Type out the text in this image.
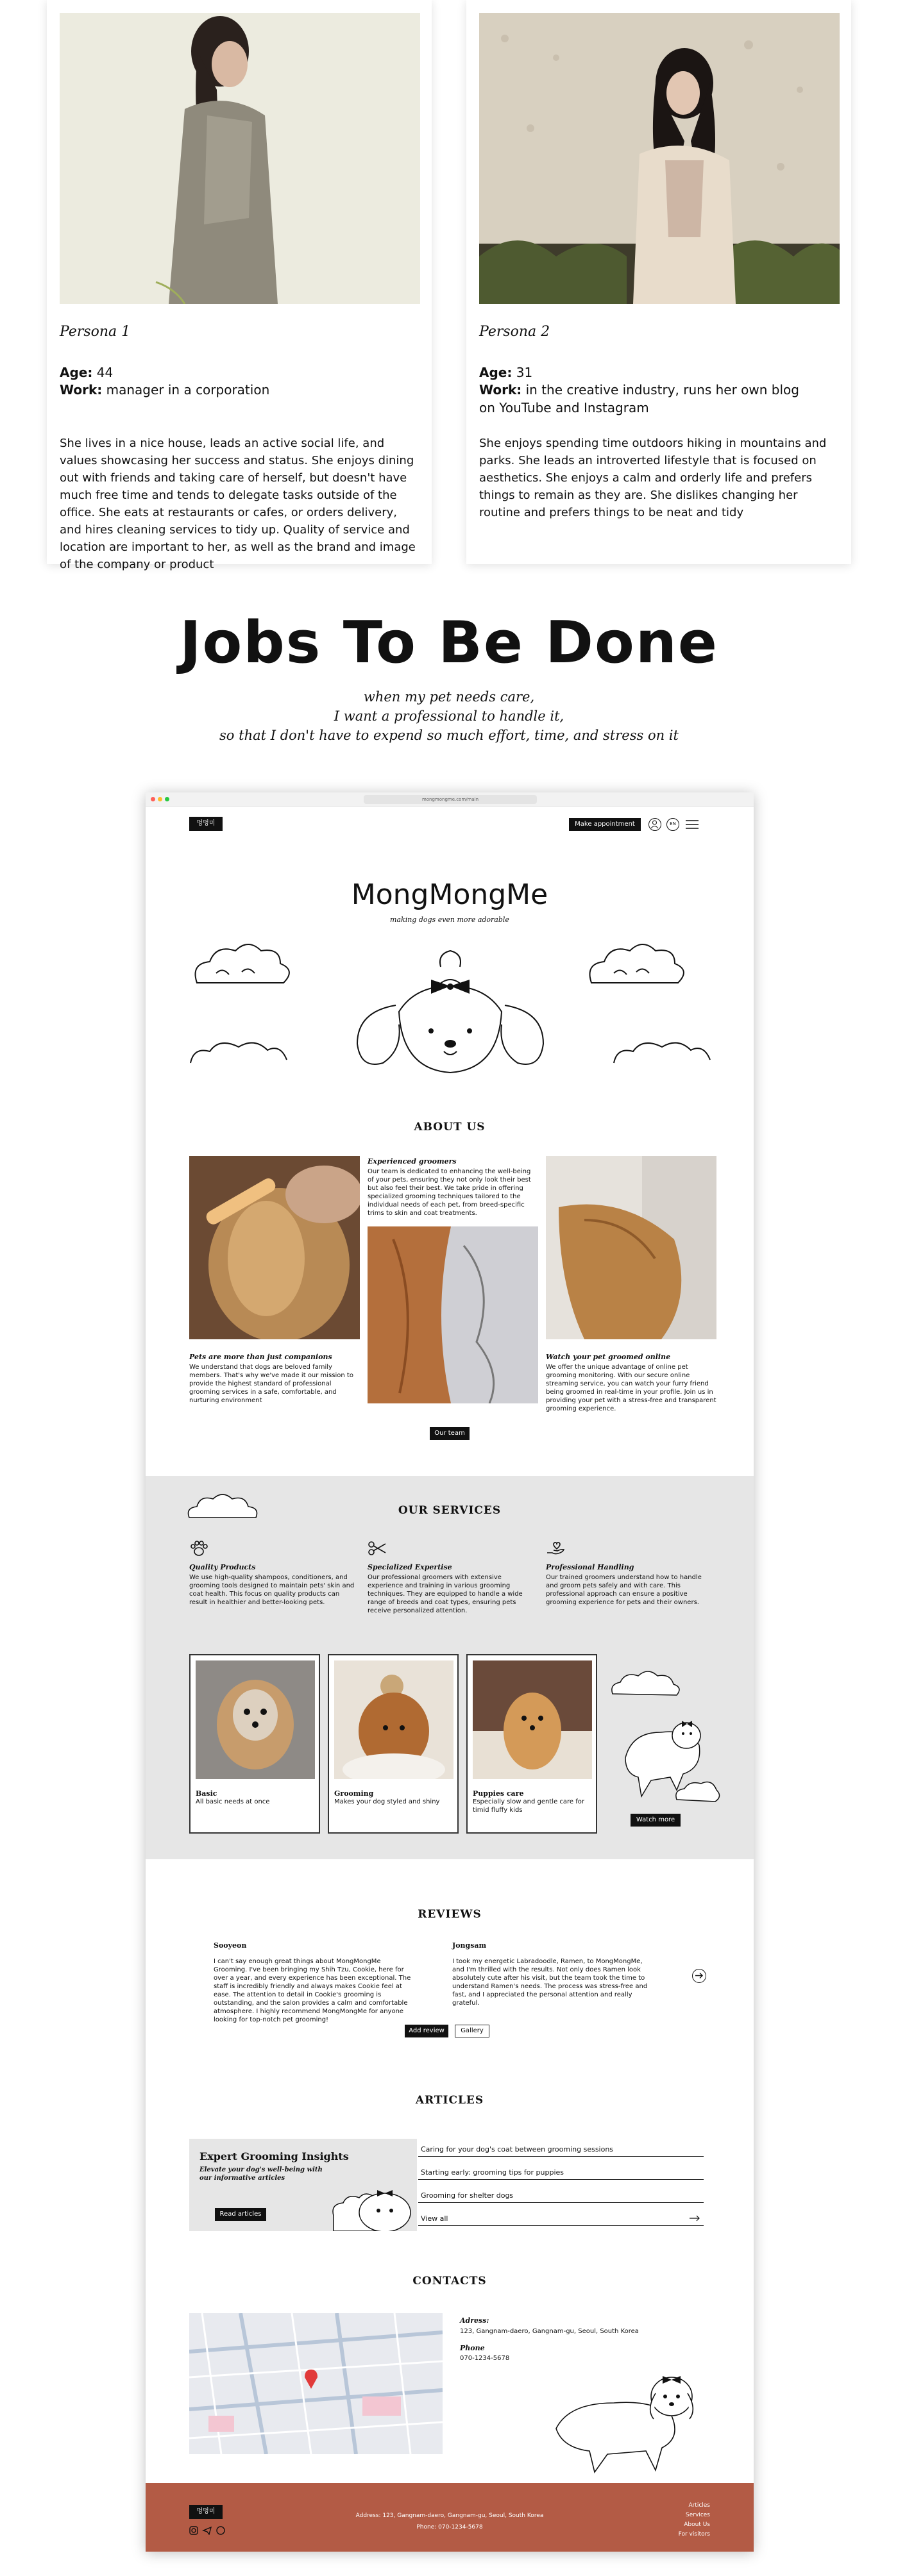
Persona 1
Age: 44
Work: manager in a corporation
She lives in a nice house, leads an active social life, and values showcasing her success and status. She enjoys dining out with friends and taking care of herself, but doesn't have much free time and tends to delegate tasks outside of the office. She eats at restaurants or cafes, or orders delivery, and hires cleaning services to tidy up. Quality of service and location are important to her, as well as the brand and image of the company or product
Persona 2
Age: 31
Work: in the creative industry, runs her own blog on YouTube and Instagram
She enjoys spending time outdoors hiking in mountains and parks. She leads an introverted lifestyle that is focused on aesthetics. She enjoys a calm and orderly life and prefers things to remain as they are. She dislikes changing her routine and prefers things to be neat and tidy
Jobs To Be Done
when my pet needs care,
I want a professional to handle it,
so that I don't have to expend so much effort, time, and stress on it
mongmongme.com/main
멍멍미	Make appointment	EN
MongMongMe
making dogs even more adorable
ABOUT US
Pets are more than just companions
We understand that dogs are beloved family members. That's why we've made it our mission to provide the highest standard of professional grooming services in a safe, comfortable, and nurturing environment
Experienced groomers
Our team is dedicated to enhancing the well-being of your pets, ensuring they not only look their best but also feel their best. We take pride in offering specialized grooming techniques tailored to the individual needs of each pet, from breed-specific trims to skin and coat treatments.
Watch your pet groomed online
We offer the unique advantage of online pet grooming monitoring. With our secure online streaming service, you can watch your furry friend being groomed in real-time in your profile. Join us in providing your pet with a stress-free and transparent grooming experience.
Our team
OUR SERVICES
Quality Products
We use high-quality shampoos, conditioners, and grooming tools designed to maintain pets' skin and coat health. This focus on quality products can result in healthier and better-looking pets.
Specialized Expertise
Our professional groomers with extensive experience and training in various grooming techniques. They are equipped to handle a wide range of breeds and coat types, ensuring pets receive personalized attention.
Professional Handling
Our trained groomers understand how to handle and groom pets safely and with care. This professional approach can ensure a positive grooming experience for pets and their owners.
Basic
All basic needs at once
Grooming
Makes your dog styled and shiny
Puppies care
Especially slow and gentle care for timid fluffy kids
Watch more
REVIEWS
Sooyeon
I can't say enough great things about MongMongMe Grooming. I've been bringing my Shih Tzu, Cookie, here for over a year, and every experience has been exceptional. The staff is incredibly friendly and always makes Cookie feel at ease. The attention to detail in Cookie's grooming is outstanding, and the salon provides a calm and comfortable atmosphere. I highly recommend MongMongMe for anyone looking for top-notch pet grooming!
Jongsam
I took my energetic Labradoodle, Ramen, to MongMongMe, and I'm thrilled with the results. Not only does Ramen look absolutely cute after his visit, but the team took the time to understand Ramen's needs. The process was stress-free and fast, and I appreciated the personal attention and really grateful.
Add review	Gallery
ARTICLES
Expert Grooming Insights
Elevate your dog's well-being with our informative articles
Read articles
Caring for your dog's coat between grooming sessions
Starting early: grooming tips for puppies
Grooming for shelter dogs
View all
CONTACTS
Adress:
123, Gangnam-daero, Gangnam-gu, Seoul, South Korea
Phone
070-1234-5678
멍멍미
Address: 123, Gangnam-daero, Gangnam-gu, Seoul, South Korea
Phone: 070-1234-5678
Articles
Services
About Us
For visitors
